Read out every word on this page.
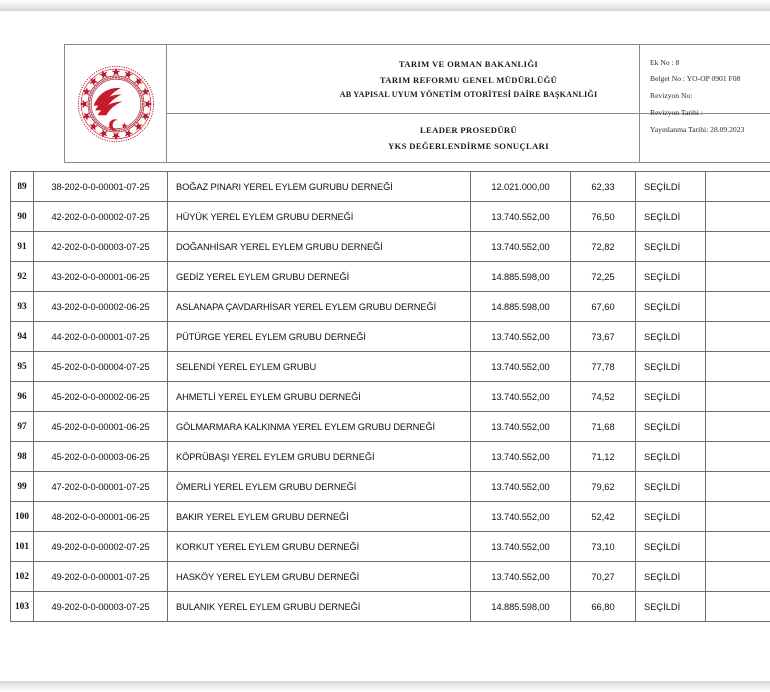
TARIM VE ORMAN BAKANLIĞI
TARIM REFORMU GENEL MÜDÜRLÜĞÜ
AB YAPISAL UYUM YÖNETİM OTORİTESİ DAİRE BAŞKANLIĞI
LEADER PROSEDÜRÜ
YKS DEĞERLENDİRME SONUÇLARI
Ek No : 8
Belget No : YO-OP 0901 F08
Revizyon No:
Revizyon Tarihi :
Yayınlanma Tarihi: 28.09.2023
89	38-202-0-0-00001-07-25	BOĞAZ PINARI YEREL EYLEM GURUBU DERNEĞİ	12.021.000,00	62,33	SEÇİLDİ	
90	42-202-0-0-00002-07-25	HÜYÜK YEREL EYLEM GRUBU DERNEĞİ	13.740.552,00	76,50	SEÇİLDİ	
91	42-202-0-0-00003-07-25	DOĞANHİSAR YEREL EYLEM GRUBU DERNEĞİ	13.740.552,00	72,82	SEÇİLDİ	
92	43-202-0-0-00001-06-25	GEDİZ YEREL EYLEM GRUBU DERNEĞİ	14.885.598,00	72,25	SEÇİLDİ	
93	43-202-0-0-00002-06-25	ASLANAPA ÇAVDARHİSAR YEREL EYLEM GRUBU DERNEĞİ	14.885.598,00	67,60	SEÇİLDİ	
94	44-202-0-0-00001-07-25	PÜTÜRGE YEREL EYLEM GRUBU DERNEĞİ	13.740.552,00	73,67	SEÇİLDİ	
95	45-202-0-0-00004-07-25	SELENDİ YEREL EYLEM GRUBU	13.740.552,00	77,78	SEÇİLDİ	
96	45-202-0-0-00002-06-25	AHMETLİ YEREL EYLEM GRUBU DERNEĞİ	13.740.552,00	74,52	SEÇİLDİ	
97	45-202-0-0-00001-06-25	GÖLMARMARA KALKINMA YEREL EYLEM GRUBU DERNEĞİ	13.740.552,00	71,68	SEÇİLDİ	
98	45-202-0-0-00003-06-25	KÖPRÜBAŞI YEREL EYLEM GRUBU DERNEĞİ	13.740.552,00	71,12	SEÇİLDİ	
99	47-202-0-0-00001-07-25	ÖMERLİ YEREL EYLEM GRUBU DERNEĞİ	13.740.552,00	79,62	SEÇİLDİ	
100	48-202-0-0-00001-06-25	BAKIR YEREL EYLEM GRUBU DERNEĞİ	13.740.552,00	52,42	SEÇİLDİ	
101	49-202-0-0-00002-07-25	KORKUT YEREL EYLEM GRUBU DERNEĞİ	13.740.552,00	73,10	SEÇİLDİ	
102	49-202-0-0-00001-07-25	HASKÖY YEREL EYLEM GRUBU DERNEĞİ	13.740.552,00	70,27	SEÇİLDİ	
103	49-202-0-0-00003-07-25	BULANIK YEREL EYLEM GRUBU DERNEĞİ	14.885.598,00	66,80	SEÇİLDİ	
